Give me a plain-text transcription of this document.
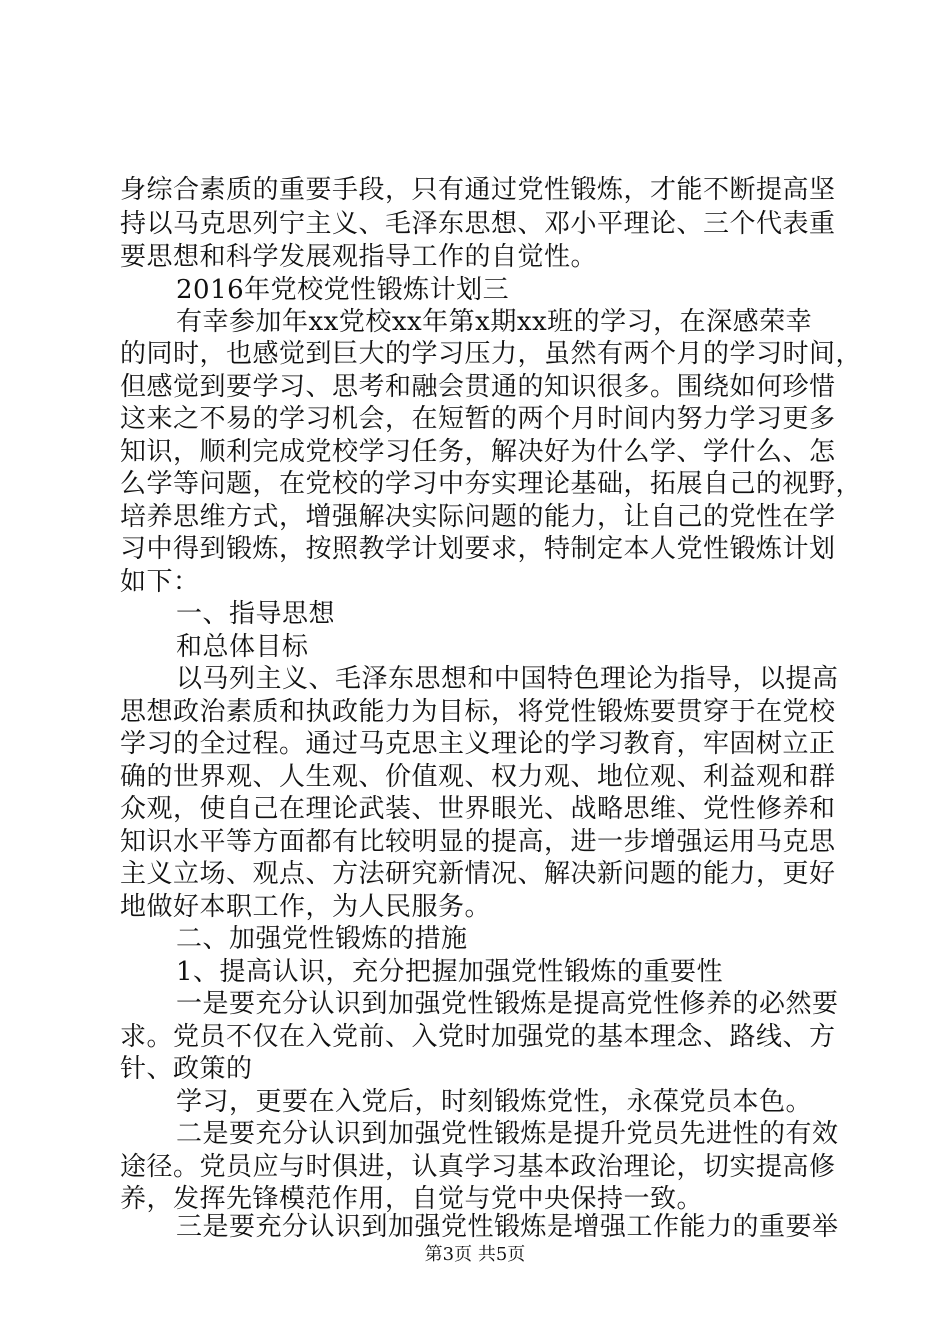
身综合素质的重要手段，只有通过党性锻炼，才能不断提高坚
持以马克思列宁主义、毛泽东思想、邓小平理论、三个代表重
要思想和科学发展观指导工作的自觉性。
2016年党校党性锻炼计划三
有幸参加年xx党校xx年第x期xx班的学习，在深感荣幸
的同时，也感觉到巨大的学习压力，虽然有两个月的学习时间，
但感觉到要学习、思考和融会贯通的知识很多。围绕如何珍惜
这来之不易的学习机会，在短暂的两个月时间内努力学习更多
知识，顺利完成党校学习任务，解决好为什么学、学什么、怎
么学等问题，在党校的学习中夯实理论基础，拓展自己的视野，
培养思维方式，增强解决实际问题的能力，让自己的党性在学
习中得到锻炼，按照教学计划要求，特制定本人党性锻炼计划
如下：
一、指导思想
和总体目标
以马列主义、毛泽东思想和中国特色理论为指导，以提高
思想政治素质和执政能力为目标，将党性锻炼要贯穿于在党校
学习的全过程。通过马克思主义理论的学习教育，牢固树立正
确的世界观、人生观、价值观、权力观、地位观、利益观和群
众观，使自己在理论武装、世界眼光、战略思维、党性修养和
知识水平等方面都有比较明显的提高，进一步增强运用马克思
主义立场、观点、方法研究新情况、解决新问题的能力，更好
地做好本职工作，为人民服务。
二、加强党性锻炼的措施
1、提高认识，充分把握加强党性锻炼的重要性
一是要充分认识到加强党性锻炼是提高党性修养的必然要
求。党员不仅在入党前、入党时加强党的基本理念、路线、方
针、政策的
学习，更要在入党后，时刻锻炼党性，永葆党员本色。
二是要充分认识到加强党性锻炼是提升党员先进性的有效
途径。党员应与时俱进，认真学习基本政治理论，切实提高修
养，发挥先锋模范作用，自觉与党中央保持一致。
三是要充分认识到加强党性锻炼是增强工作能力的重要举
第3页 共5页
